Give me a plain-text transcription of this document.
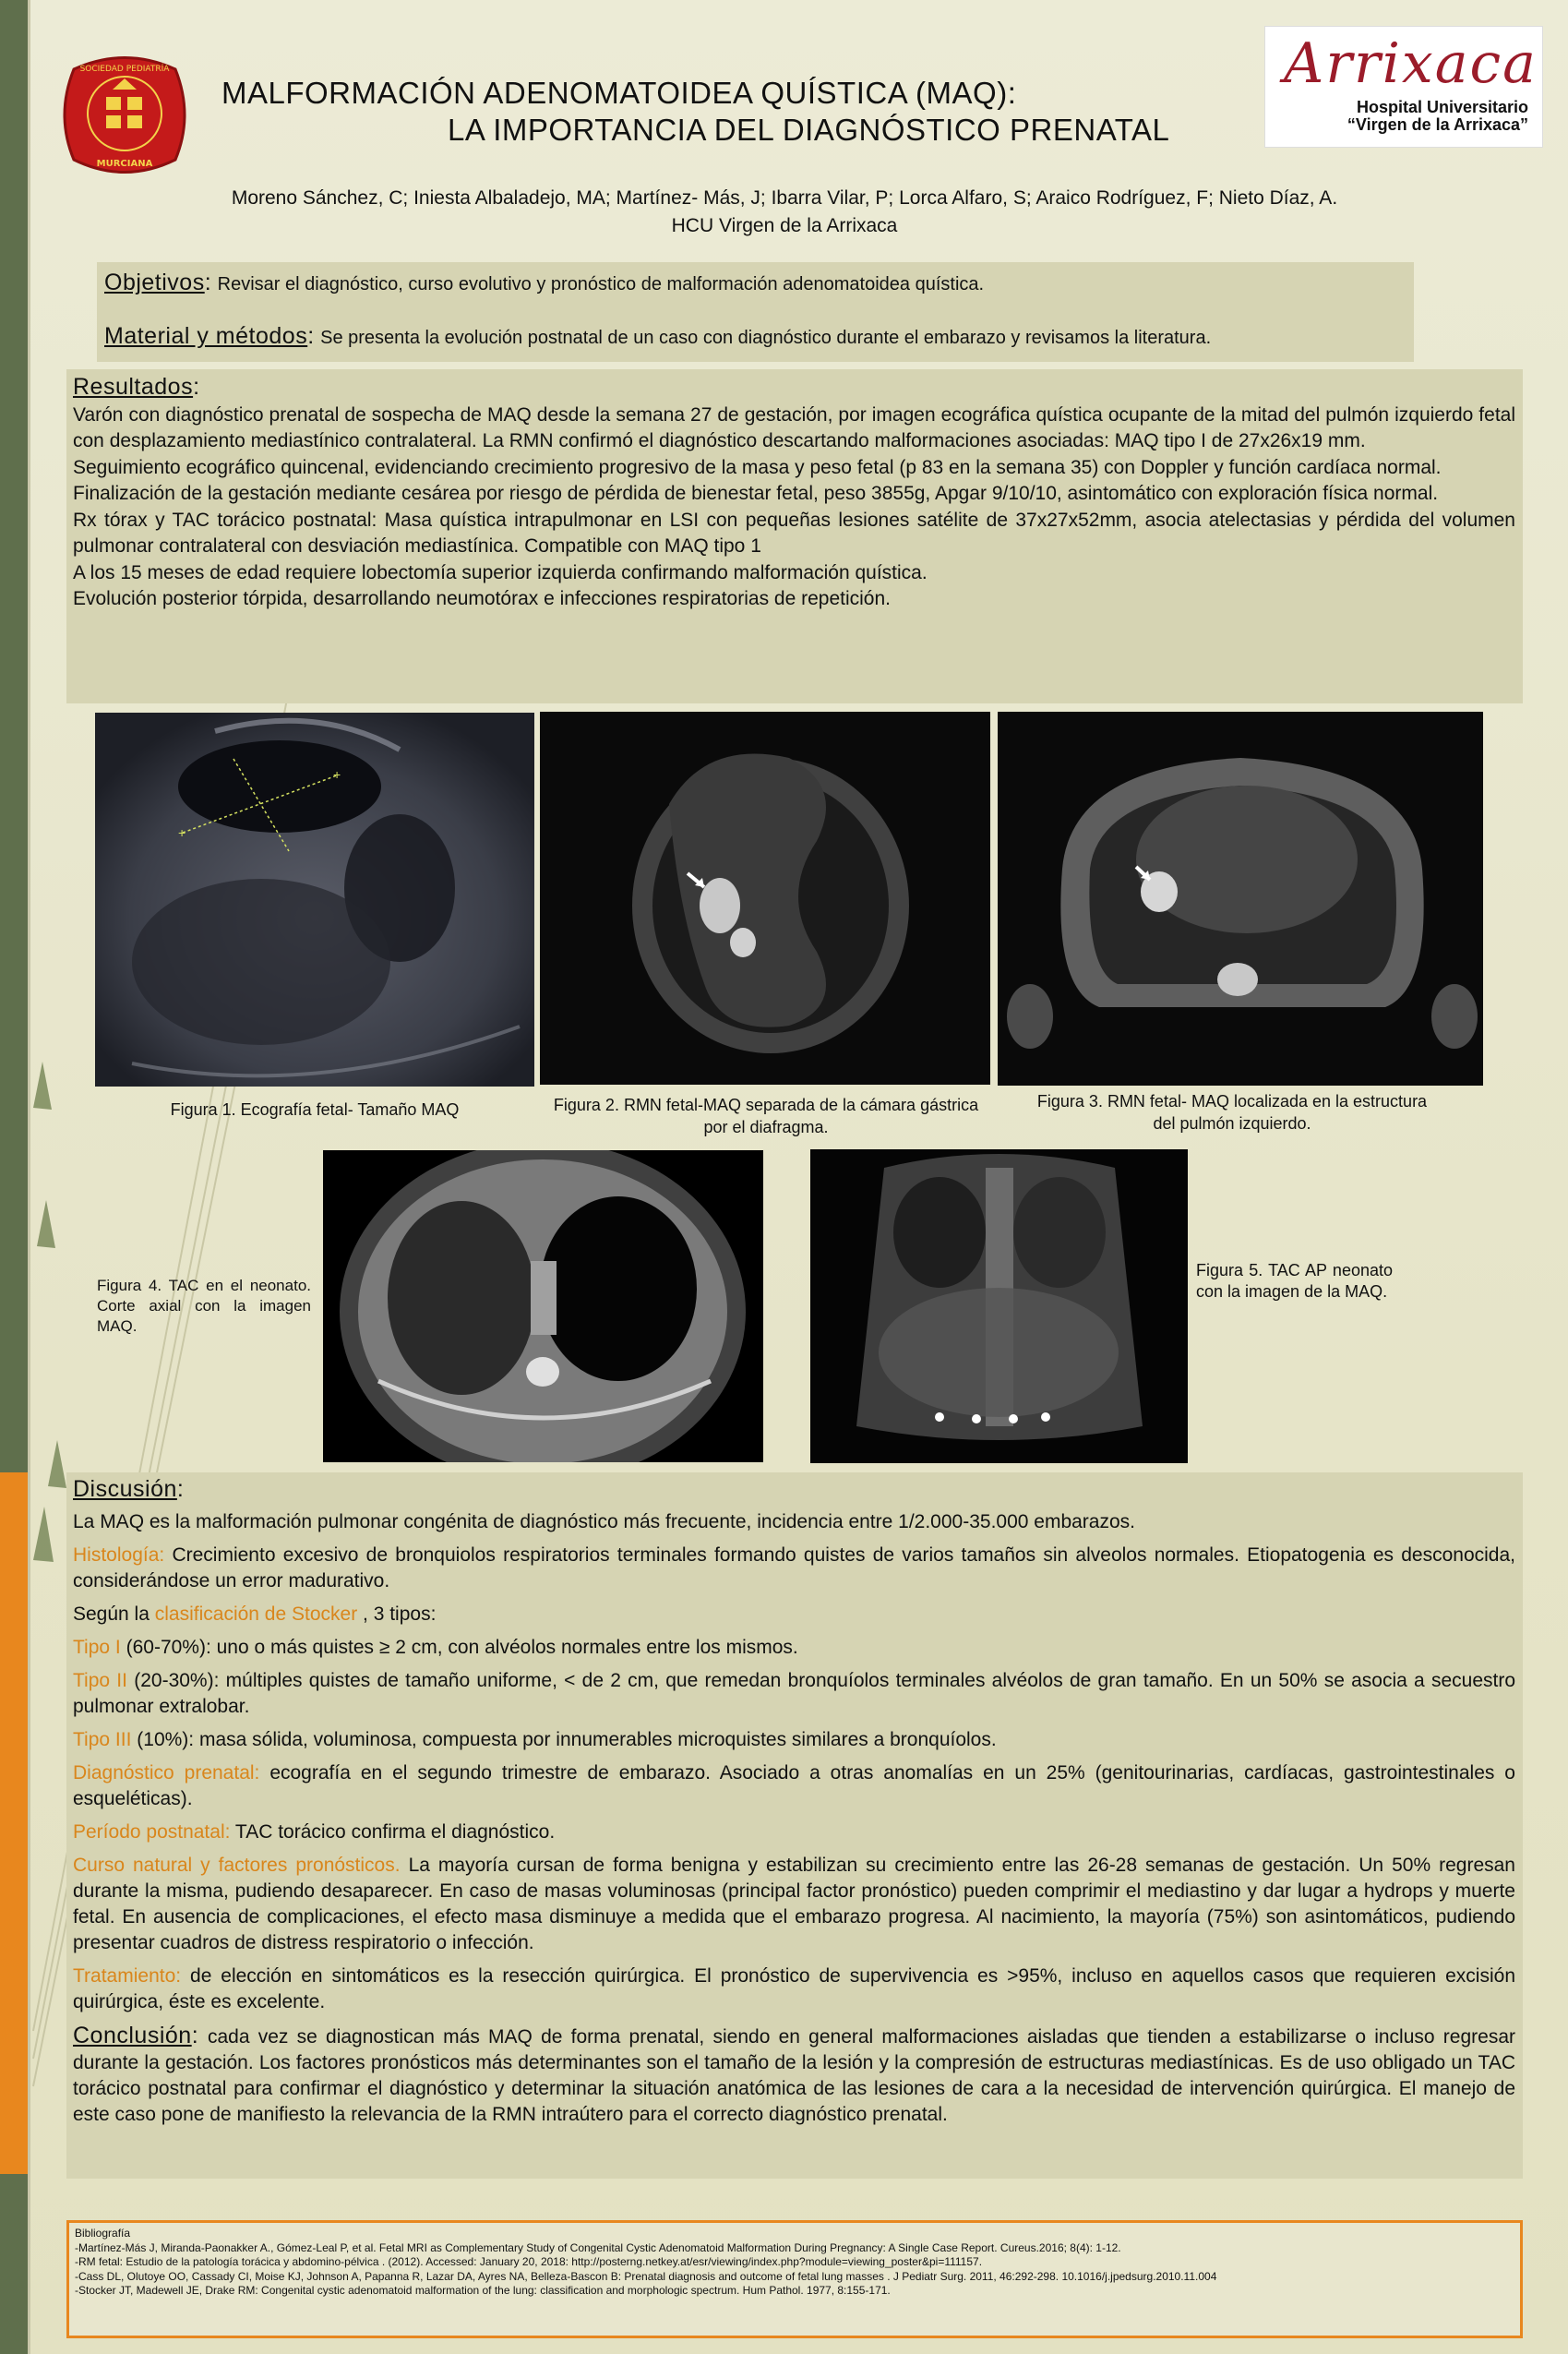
SOCIEDAD PEDIATRÍA
MURCIANA
Arrixaca
Hospital Universitario
“Virgen de la Arrixaca”
MALFORMACIÓN ADENOMATOIDEA QUÍSTICA (MAQ):
LA IMPORTANCIA DEL DIAGNÓSTICO PRENATAL
Moreno Sánchez, C; Iniesta Albaladejo, MA; Martínez- Más, J; Ibarra Vilar, P; Lorca Alfaro, S; Araico Rodríguez, F; Nieto Díaz, A.
HCU Virgen de la Arrixaca
Objetivos: Revisar el diagnóstico, curso evolutivo y pronóstico de malformación adenomatoidea quística.
Material y métodos: Se presenta la evolución postnatal de un caso con diagnóstico durante el embarazo y revisamos la literatura.
Resultados:

Varón con diagnóstico prenatal de sospecha de MAQ desde la semana 27 de gestación, por imagen ecográfica quística ocupante de la mitad del pulmón izquierdo fetal con desplazamiento mediastínico contralateral. La RMN confirmó el diagnóstico descartando malformaciones asociadas: MAQ tipo I de 27x26x19 mm.

Seguimiento ecográfico quincenal, evidenciando crecimiento progresivo de la masa y peso fetal (p 83 en la semana 35) con Doppler y función cardíaca normal.

Finalización de la gestación mediante cesárea por riesgo de pérdida de bienestar fetal, peso 3855g, Apgar 9/10/10, asintomático con exploración física normal.

Rx tórax y TAC torácico postnatal: Masa quística intrapulmonar en LSI con pequeñas lesiones satélite de 37x27x52mm, asocia atelectasias y pérdida del volumen pulmonar contralateral con desviación mediastínica. Compatible con MAQ tipo 1

A los 15 meses de edad requiere lobectomía superior izquierda confirmando malformación quística.

Evolución posterior tórpida, desarrollando neumotórax e infecciones respiratorias de repetición.

+
+
Figura 1. Ecografía fetal- Tamaño MAQ	Figura 2. RMN fetal-MAQ separada de la cámara gástrica por el diafragma.
Figura 3. RMN fetal- MAQ localizada en la estructura del pulmón izquierdo.
Figura 4. TAC en el neonato. Corte axial con la imagen MAQ.
Figura 5. TAC AP neonato con la imagen de la MAQ.
Discusión:

La MAQ es la malformación pulmonar congénita de diagnóstico más frecuente, incidencia entre 1/2.000-35.000 embarazos.

Histología: Crecimiento excesivo de bronquiolos respiratorios terminales formando quistes de varios tamaños sin alveolos normales. Etiopatogenia es desconocida, considerándose un error madurativo.

Según la clasificación de Stocker , 3 tipos:

Tipo I (60-70%): uno o más quistes ≥ 2 cm, con alvéolos normales entre los mismos.

Tipo II (20-30%): múltiples quistes de tamaño uniforme, < de 2 cm, que remedan bronquíolos terminales alvéolos de gran tamaño. En un 50% se asocia a secuestro pulmonar extralobar.

Tipo III (10%): masa sólida, voluminosa, compuesta por innumerables microquistes similares a bronquíolos.

Diagnóstico prenatal: ecografía en el segundo trimestre de embarazo. Asociado a otras anomalías en un 25% (genitourinarias, cardíacas, gastrointestinales o esqueléticas).

Período postnatal: TAC torácico confirma el diagnóstico.

Curso natural y factores pronósticos. La mayoría cursan de forma benigna y estabilizan su crecimiento entre las 26-28 semanas de gestación. Un 50% regresan durante la misma, pudiendo desaparecer. En caso de masas voluminosas (principal factor pronóstico) pueden comprimir el mediastino y dar lugar a hydrops y muerte fetal. En ausencia de complicaciones, el efecto masa disminuye a medida que el embarazo progresa. Al nacimiento, la mayoría (75%) son asintomáticos, pudiendo presentar cuadros de distress respiratorio o infección.

Tratamiento: de elección en sintomáticos es la resección quirúrgica. El pronóstico de supervivencia es >95%, incluso en aquellos casos que requieren excisión quirúrgica, éste es excelente.

Conclusión: cada vez se diagnostican más MAQ de forma prenatal, siendo en general malformaciones aisladas que tienden a estabilizarse o incluso regresar durante la gestación. Los factores pronósticos más determinantes son el tamaño de la lesión y la compresión de estructuras mediastínicas. Es de uso obligado un TAC torácico postnatal para confirmar el diagnóstico y determinar la situación anatómica de las lesiones de cara a la necesidad de intervención quirúrgica. El manejo de este caso pone de manifiesto la relevancia de la RMN intraútero para el correcto diagnóstico prenatal.

Bibliografía

-Martínez-Más J, Miranda-Paonakker A., Gómez-Leal P, et al. Fetal MRI as Complementary Study of Congenital Cystic Adenomatoid Malformation During Pregnancy: A Single Case Report. Cureus.2016; 8(4): 1-12.

-RM fetal: Estudio de la patología torácica y abdomino-pélvica . (2012). Accessed: January 20, 2018: http://posterng.netkey.at/esr/viewing/index.php?module=viewing_poster&pi=111157.

-Cass DL, Olutoye OO, Cassady CI, Moise KJ, Johnson A, Papanna R, Lazar DA, Ayres NA, Belleza-Bascon B: Prenatal diagnosis and outcome of fetal lung masses . J Pediatr Surg. 2011, 46:292-298. 10.1016/j.jpedsurg.2010.11.004

-Stocker JT, Madewell JE, Drake RM: Congenital cystic adenomatoid malformation of the lung: classification and morphologic spectrum. Hum Pathol. 1977, 8:155-171.
